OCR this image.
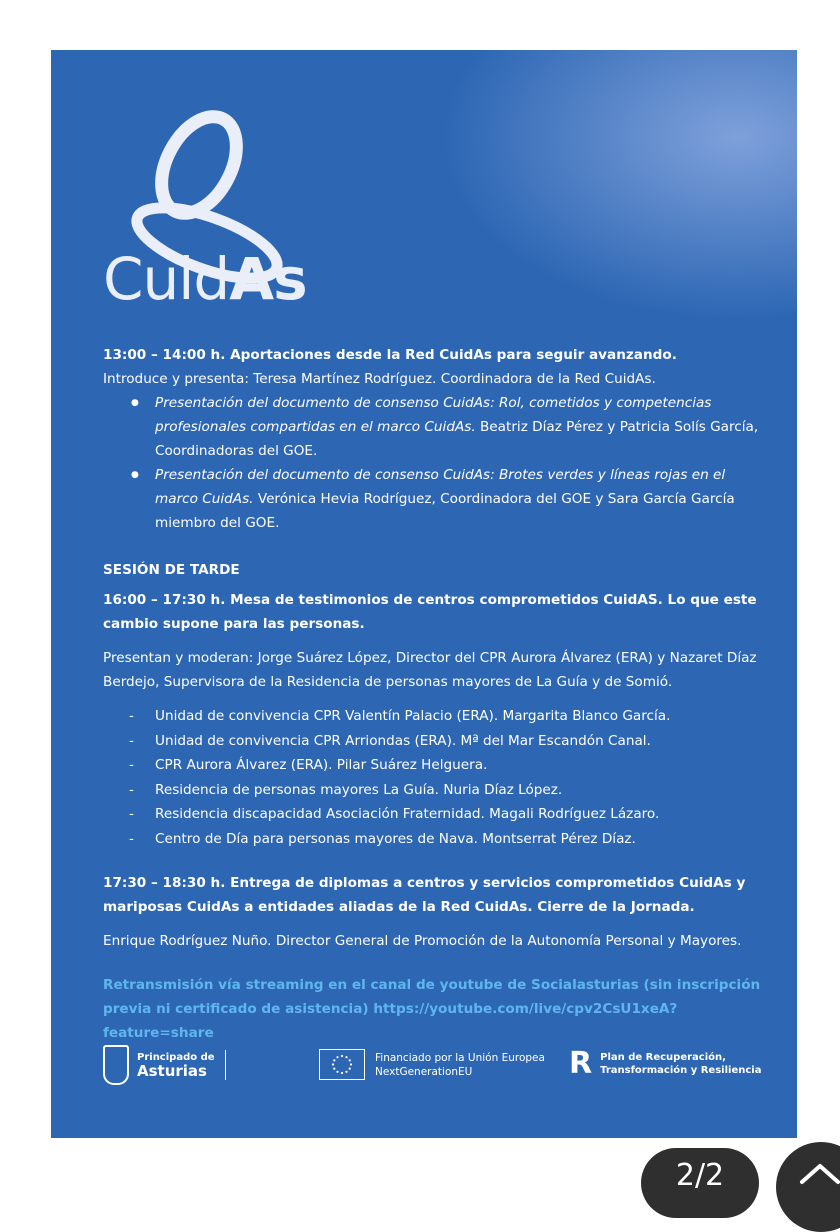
CuidAs

13:00 – 14:00 h. Aportaciones desde la Red CuidAs para seguir avanzando.

Introduce y presenta: Teresa Martínez Rodríguez. Coordinadora de la Red CuidAs.

● Presentación del documento de consenso CuidAs: Rol, cometidos y competencias profesionales compartidas en el marco CuidAs. Beatriz Díaz Pérez y Patricia Solís García, Coordinadoras del GOE.
● Presentación del documento de consenso CuidAs: Brotes verdes y líneas rojas en el marco CuidAs. Verónica Hevia Rodríguez, Coordinadora del GOE y Sara García García miembro del GOE.

SESIÓN DE TARDE

16:00 – 17:30 h. Mesa de testimonios de centros comprometidos CuidAS. Lo que este cambio supone para las personas.

Presentan y moderan: Jorge Suárez López, Director del CPR Aurora Álvarez (ERA) y Nazaret Díaz Berdejo, Supervisora de la Residencia de personas mayores de La Guía y de Somió.

- Unidad de convivencia CPR Valentín Palacio (ERA). Margarita Blanco García.
- Unidad de convivencia CPR Arriondas (ERA). Mª del Mar Escandón Canal.
- CPR Aurora Álvarez (ERA). Pilar Suárez Helguera.
- Residencia de personas mayores La Guía. Nuria Díaz López.
- Residencia discapacidad Asociación Fraternidad. Magali Rodríguez Lázaro.
- Centro de Día para personas mayores de Nava. Montserrat Pérez Díaz.

17:30 – 18:30 h. Entrega de diplomas a centros y servicios comprometidos CuidAs y mariposas CuidAs a entidades aliadas de la Red CuidAs. Cierre de la Jornada.

Enrique Rodríguez Nuño. Director General de Promoción de la Autonomía Personal y Mayores.

Retransmisión vía streaming en el canal de youtube de Socialasturias (sin inscripción previa ni certificado de asistencia) https://youtube.com/live/cpv2CsU1xeA?feature=share

Principado de
Asturias
Financiado por la Unión Europea
NextGenerationEU	R Plan de Recuperación,
Transformación y Resiliencia
2/2
